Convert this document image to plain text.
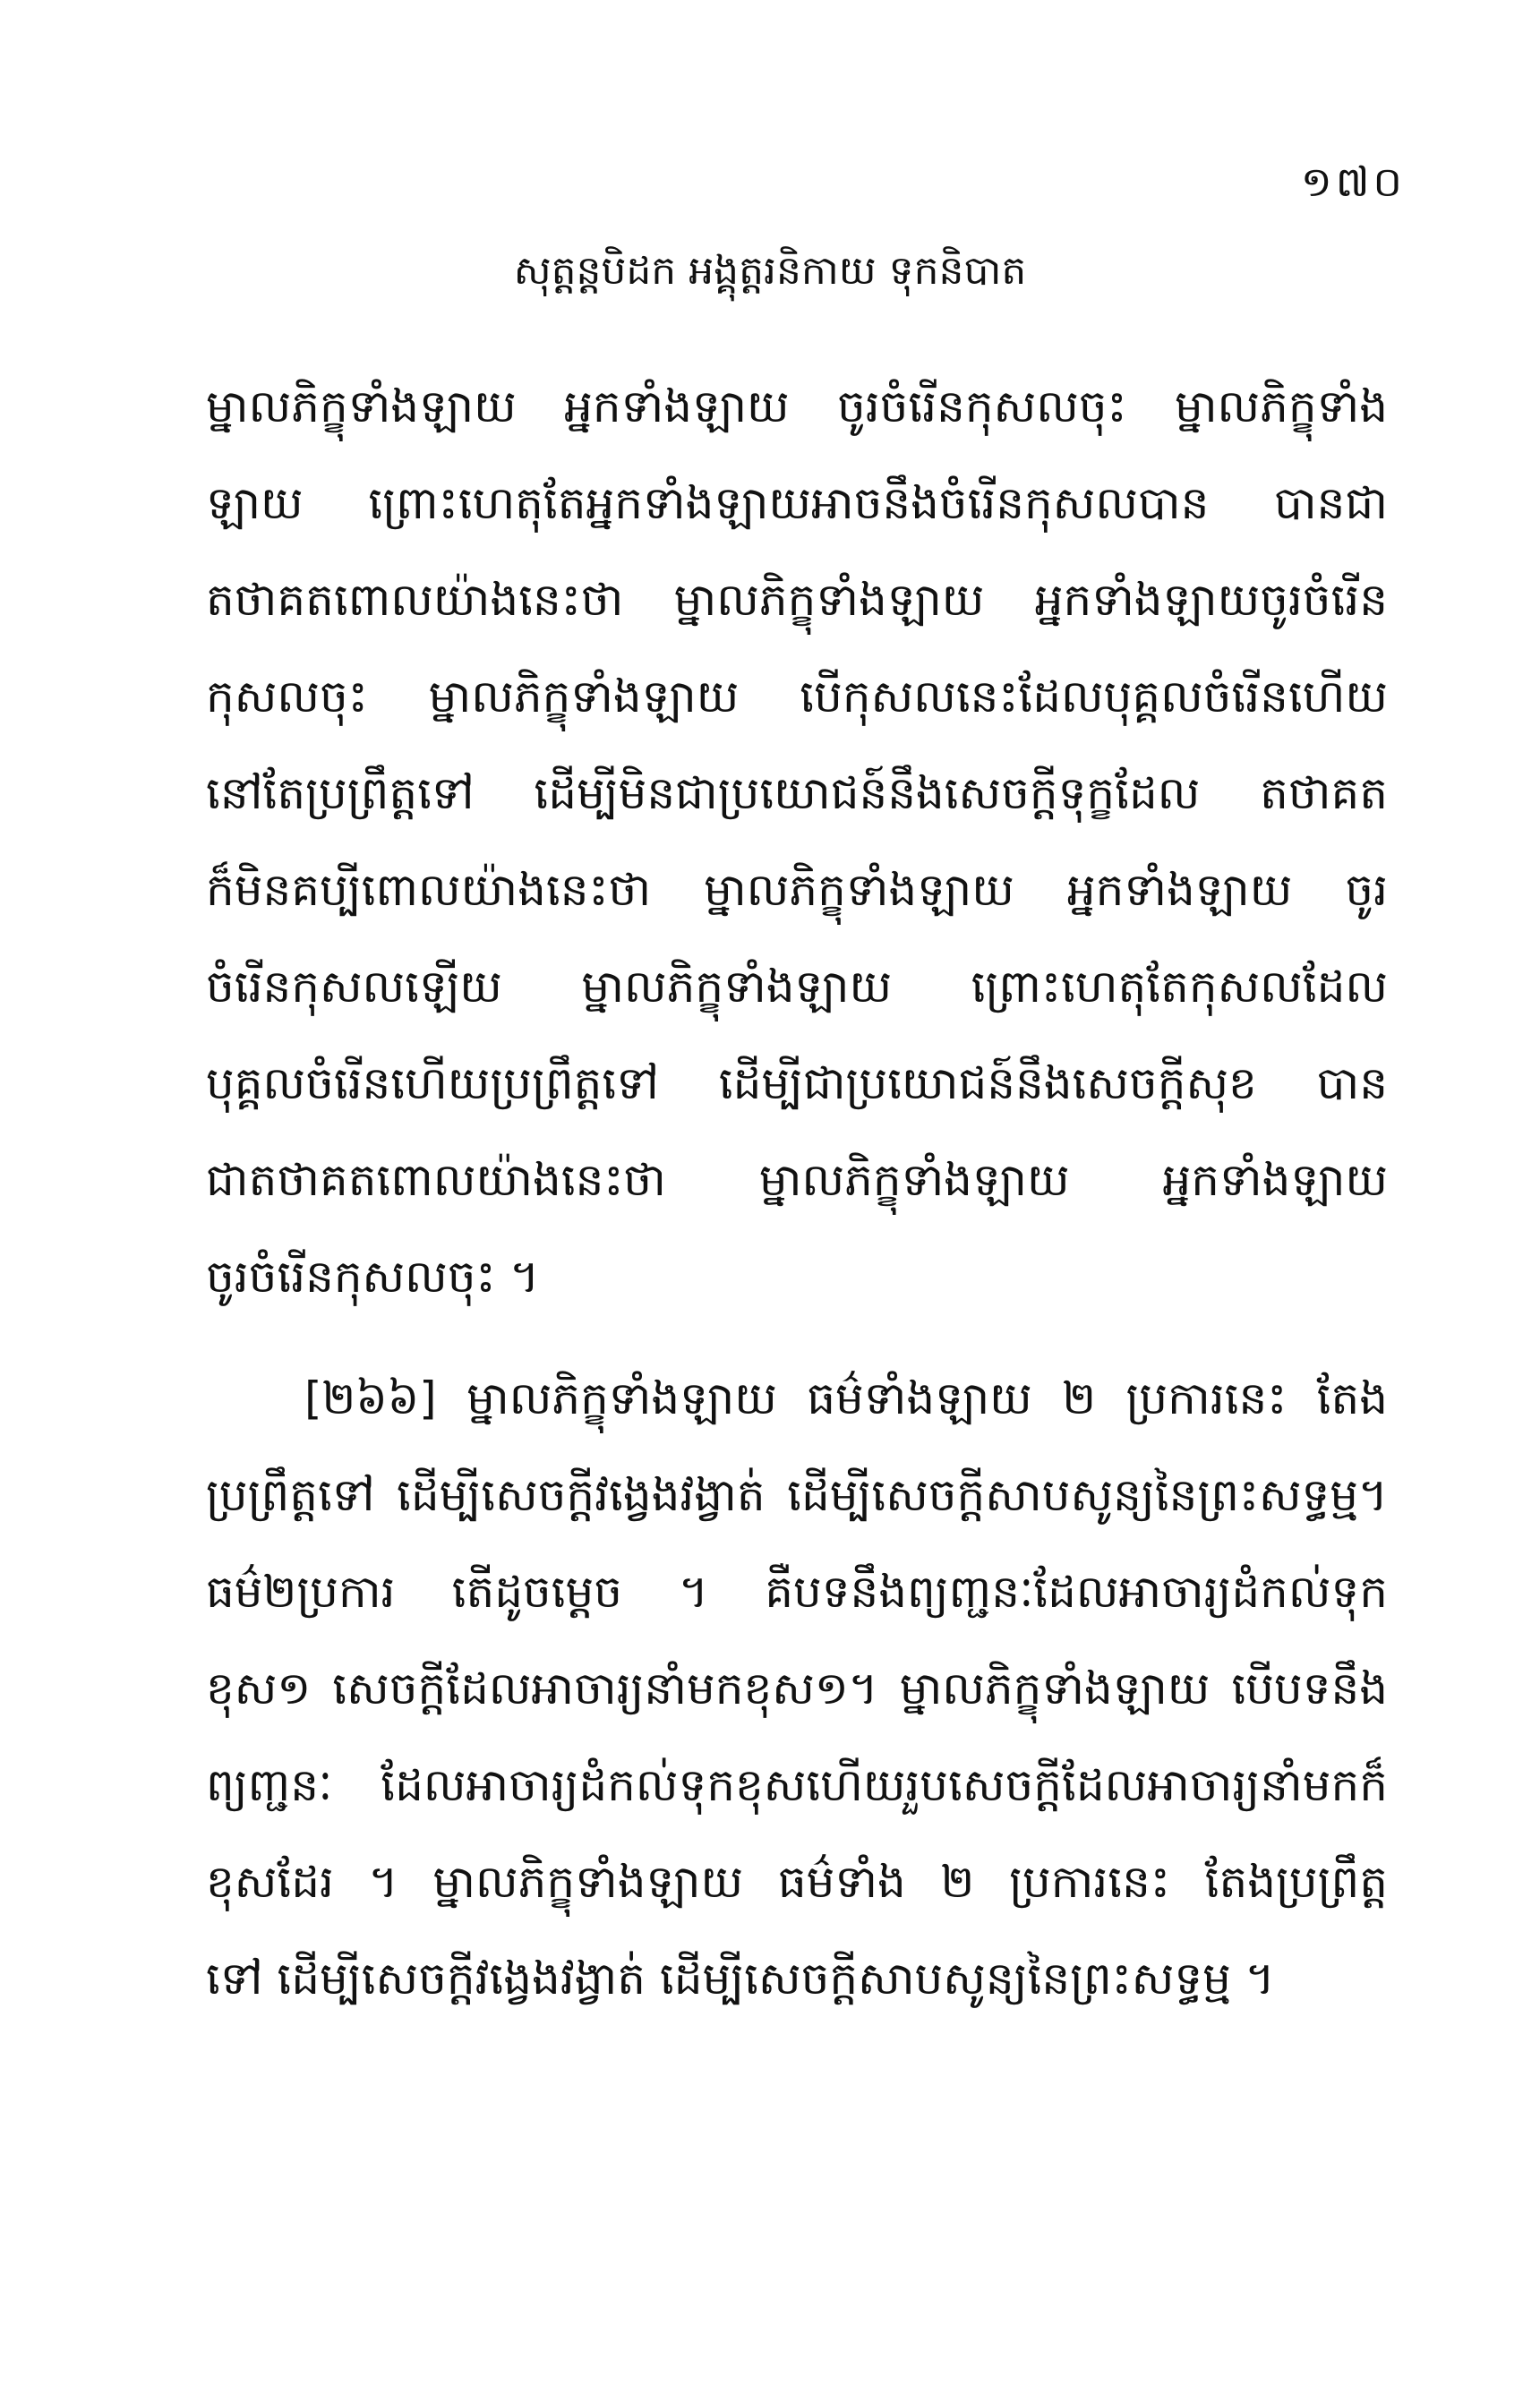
១៧០
សុត្តន្តបិដក អង្គុត្តរនិកាយ ទុកនិបាត
ម្នាលភិក្ខុទាំងឡាយ អ្នកទាំងឡាយ ចូរចំរើនកុសលចុះ ម្នាលភិក្ខុទាំង
ឡាយ ព្រោះហេតុតែអ្នកទាំងឡាយអាចនឹងចំរើនកុសលបាន បានជា
តថាគតពោលយ៉ាងនេះថា ម្នាលភិក្ខុទាំងឡាយ អ្នកទាំងឡាយចូរចំរើន
កុសលចុះ ម្នាលភិក្ខុទាំងឡាយ បើកុសលនេះដែលបុគ្គលចំរើនហើយ
នៅតែប្រព្រឹត្តទៅ ដើម្បីមិនជាប្រយោជន៍នឹងសេចក្តីទុក្ខដែល តថាគត
ក៏មិនគប្បីពោលយ៉ាងនេះថា ម្នាលភិក្ខុទាំងឡាយ អ្នកទាំងឡាយ ចូរ
ចំរើនកុសលឡើយ ម្នាលភិក្ខុទាំងឡាយ ព្រោះហេតុតែកុសលដែល
បុគ្គលចំរើនហើយប្រព្រឹត្តទៅ ដើម្បីជាប្រយោជន៍នឹងសេចក្តីសុខ បាន
ជាតថាគតពោលយ៉ាងនេះថា ម្នាលភិក្ខុទាំងឡាយ អ្នកទាំងឡាយ
ចូរចំរើនកុសលចុះ ។
[២៦៦] ម្នាលភិក្ខុទាំងឡាយ ធម៌ទាំងឡាយ ២ ប្រការនេះ តែង
ប្រព្រឹត្តទៅ ដើម្បីសេចក្តីវង្វេងវង្វាត់ ដើម្បីសេចក្តីសាបសូន្យនៃព្រះសទ្ធម្ម។
ធម៌២ប្រការ តើដូចម្តេច ។ គឺបទនឹងព្យញ្ជនៈដែលអាចារ្យដំកល់ទុក
ខុស១ សេចក្តីដែលអាចារ្យនាំមកខុស១។ ម្នាលភិក្ខុទាំងឡាយ បើបទនឹង
ព្យញ្ជនៈ ដែលអាចារ្យដំកល់ទុកខុសហើយរួបសេចក្តីដែលអាចារ្យនាំមកក៏
ខុសដែរ ។ ម្នាលភិក្ខុទាំងឡាយ ធម៌ទាំង ២ ប្រការនេះ តែងប្រព្រឹត្ត
ទៅ ដើម្បីសេចក្តីវង្វេងវង្វាត់ ដើម្បីសេចក្តីសាបសូន្យនៃព្រះសទ្ធម្ម ។
